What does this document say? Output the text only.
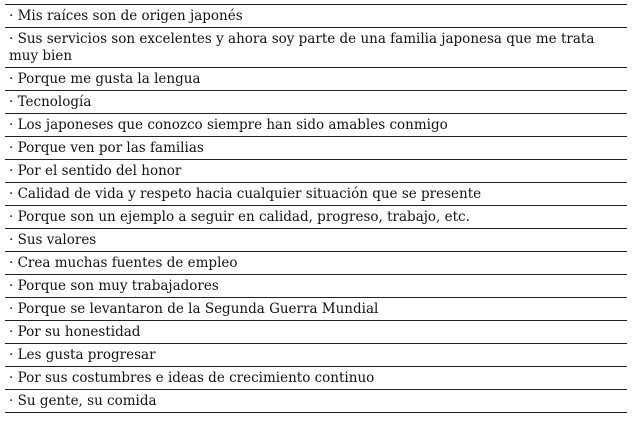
· Mis raíces son de origen japonés
· Sus servicios son excelentes y ahora soy parte de una familia japonesa que me trata muy bien
· Porque me gusta la lengua
· Tecnología
· Los japoneses que conozco siempre han sido amables conmigo
· Porque ven por las familias
· Por el sentido del honor
· Calidad de vida y respeto hacia cualquier situación que se presente
· Porque son un ejemplo a seguir en calidad, progreso, trabajo, etc.
· Sus valores
· Crea muchas fuentes de empleo
· Porque son muy trabajadores
· Porque se levantaron de la Segunda Guerra Mundial
· Por su honestidad
· Les gusta progresar
· Por sus costumbres e ideas de crecimiento continuo
· Su gente, su comida
